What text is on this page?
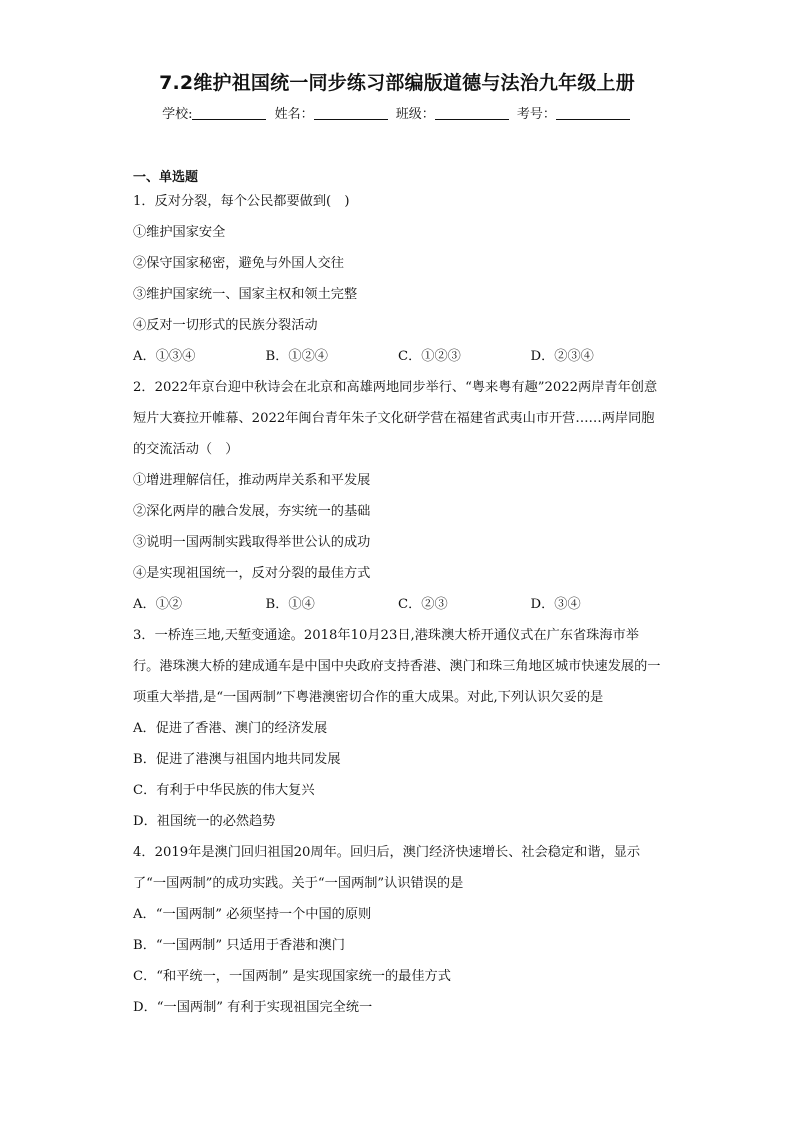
7.2维护祖国统一同步练习部编版道德与法治九年级上册
学校:	姓名：	班级：	考号：
一、单选题
1．反对分裂，每个公民都要做到(　)
①维护国家安全
②保守国家秘密，避免与外国人交往
③维护国家统一、国家主权和领土完整
④反对一切形式的民族分裂活动
A．①③④	B．①②④	C．①②③	D．②③④
2．2022年京台迎中秋诗会在北京和高雄两地同步举行、“粤来粤有趣”2022两岸青年创意短片大赛拉开帷幕、2022年闽台青年朱子文化研学营在福建省武夷山市开营……两岸同胞的交流活动（　）
①增进理解信任，推动两岸关系和平发展
②深化两岸的融合发展，夯实统一的基础
③说明一国两制实践取得举世公认的成功
④是实现祖国统一，反对分裂的最佳方式
A．①②	B．①④	C．②③	D．③④
3．一桥连三地,天堑变通途。2018年10月23日,港珠澳大桥开通仪式在广东省珠海市举行。港珠澳大桥的建成通车是中国中央政府支持香港、澳门和珠三角地区城市快速发展的一项重大举措,是“一国两制”下粤港澳密切合作的重大成果。对此,下列认识欠妥的是
A．促进了香港、澳门的经济发展
B．促进了港澳与祖国内地共同发展
C．有利于中华民族的伟大复兴
D．祖国统一的必然趋势
4．2019年是澳门回归祖国20周年。回归后，澳门经济快速增长、社会稳定和谐，显示了“一国两制”的成功实践。关于“一国两制”认识错误的是
A．“一国两制” 必须坚持一个中国的原则
B．“一国两制” 只适用于香港和澳门
C．“和平统一，一国两制” 是实现国家统一的最佳方式
D．“一国两制” 有利于实现祖国完全统一
